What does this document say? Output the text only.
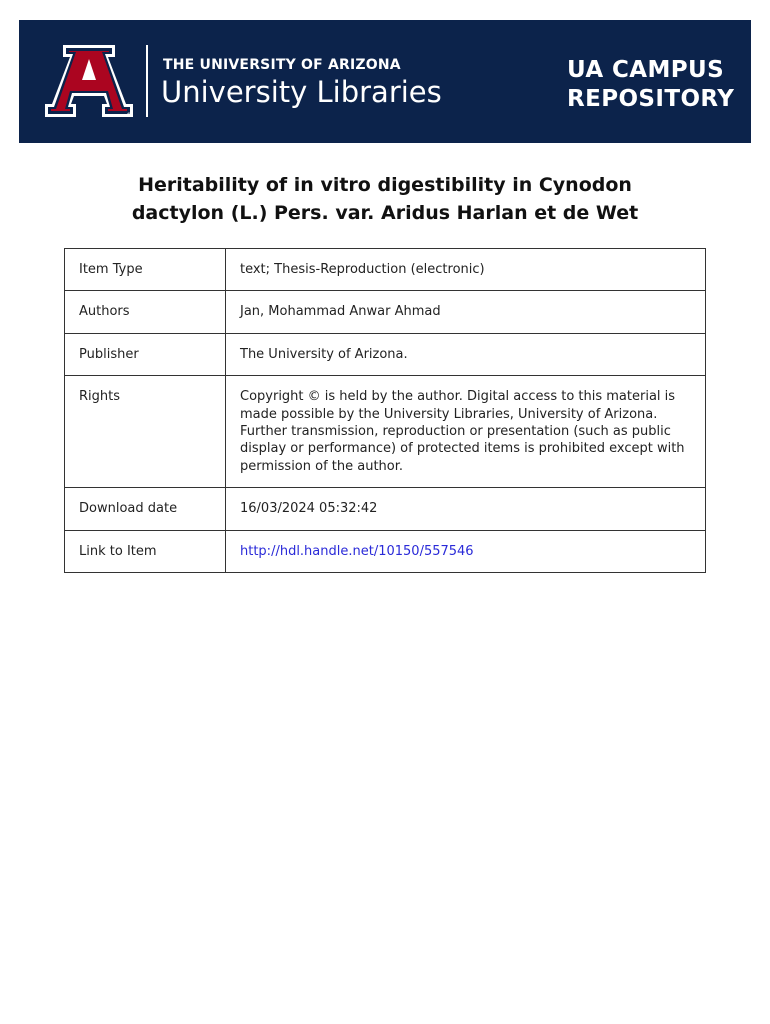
®
THE UNIVERSITY OF ARIZONA
University Libraries
UA CAMPUS
REPOSITORY
Heritability of in vitro digestibility in Cynodon
dactylon (L.) Pers. var. Aridus Harlan et de Wet
Item Type	text; Thesis-Reproduction (electronic)
Authors	Jan, Mohammad Anwar Ahmad
Publisher	The University of Arizona.
Rights	Copyright © is held by the author. Digital access to this material is made possible by the University Libraries, University of Arizona. Further transmission, reproduction or presentation (such as public display or performance) of protected items is prohibited except with permission of the author.
Download date	16/03/2024 05:32:42
Link to Item	http://hdl.handle.net/10150/557546
